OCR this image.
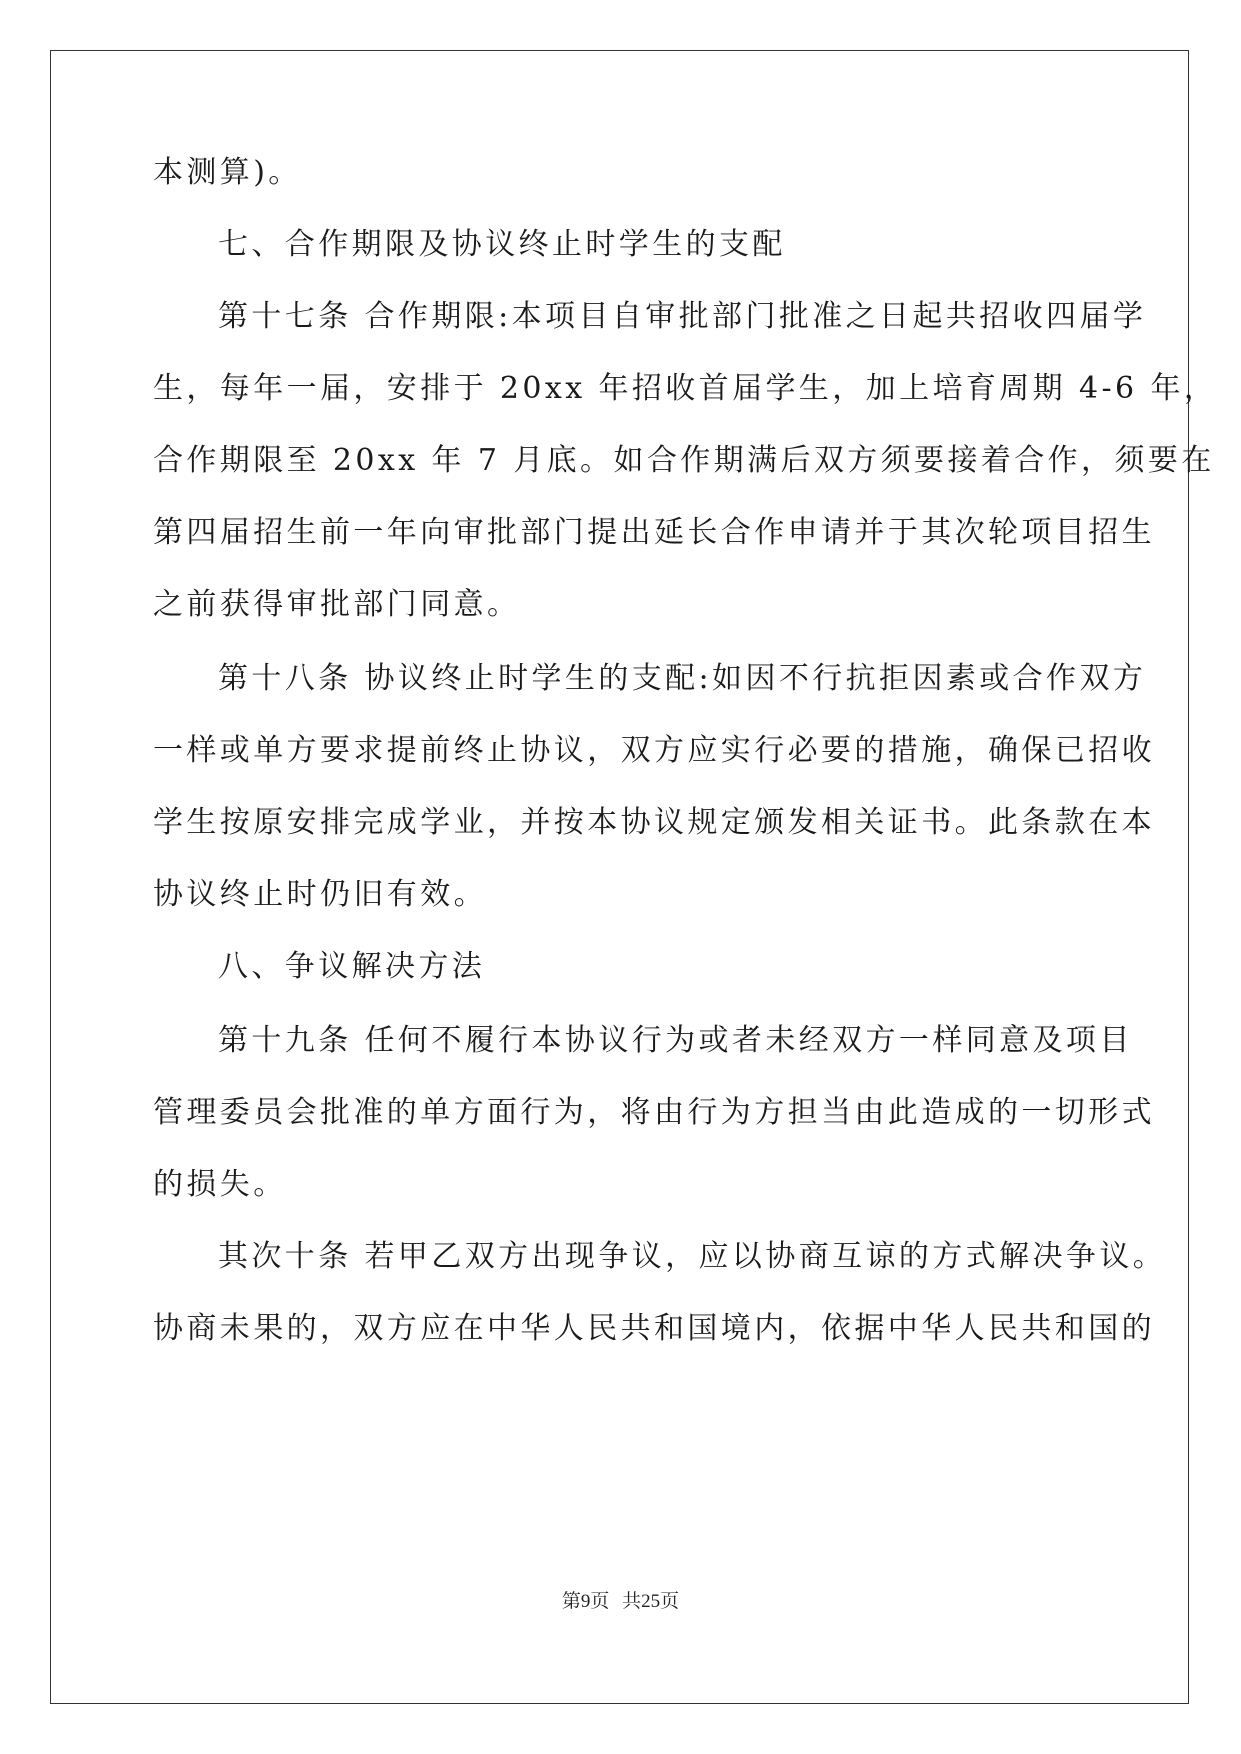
本测算)。
七、合作期限及协议终止时学生的支配
第十七条 合作期限:本项目自审批部门批准之日起共招收四届学
生，每年一届，安排于 20xx 年招收首届学生，加上培育周期 4-6 年，
合作期限至 20xx 年 7 月底。如合作期满后双方须要接着合作，须要在
第四届招生前一年向审批部门提出延长合作申请并于其次轮项目招生
之前获得审批部门同意。
第十八条 协议终止时学生的支配:如因不行抗拒因素或合作双方
一样或单方要求提前终止协议，双方应实行必要的措施，确保已招收
学生按原安排完成学业，并按本协议规定颁发相关证书。此条款在本
协议终止时仍旧有效。
八、争议解决方法
第十九条 任何不履行本协议行为或者未经双方一样同意及项目
管理委员会批准的单方面行为，将由行为方担当由此造成的一切形式
的损失。
其次十条 若甲乙双方出现争议，应以协商互谅的方式解决争议。
协商未果的，双方应在中华人民共和国境内，依据中华人民共和国的
第9页 共25页
